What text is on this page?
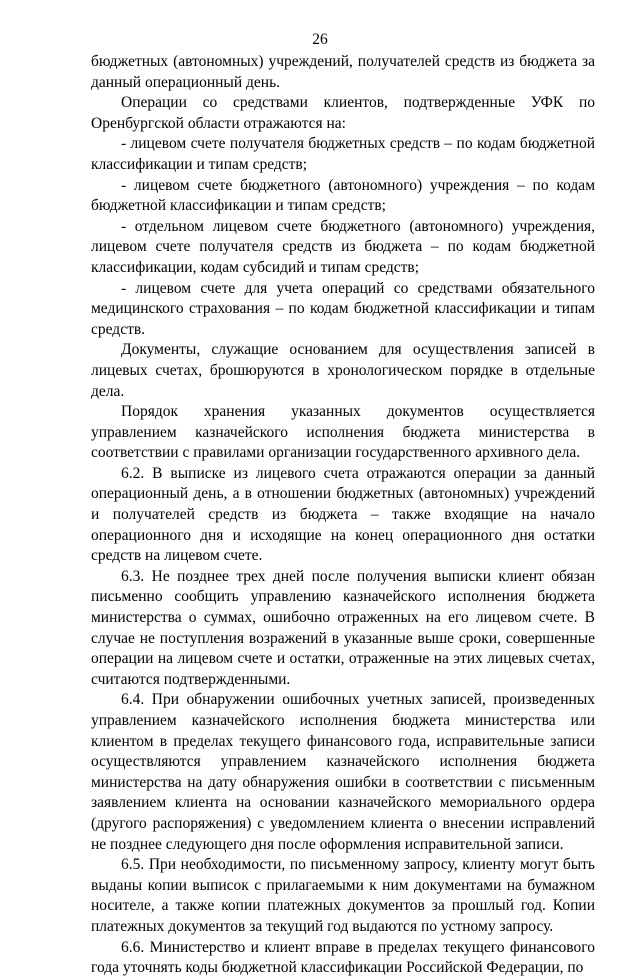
26

бюджетных (автономных) учреждений, получателей средств из бюджета за данный операционный день.

Операции со средствами клиентов, подтвержденные УФК по Оренбургской области отражаются на:

- лицевом счете получателя бюджетных средств – по кодам бюджетной классификации и типам средств;

- лицевом счете бюджетного (автономного) учреждения – по кодам бюджетной классификации и типам средств;

- отдельном лицевом счете бюджетного (автономного) учреждения, лицевом счете получателя средств из бюджета – по кодам бюджетной классификации, кодам субсидий и типам средств;

- лицевом счете для учета операций со средствами обязательного медицинского страхования – по кодам бюджетной классификации и типам средств.

Документы, служащие основанием для осуществления записей в лицевых счетах, брошюруются в хронологическом порядке в отдельные дела.

Порядок хранения указанных документов осуществляется управлением казначейского исполнения бюджета министерства в соответствии с правилами организации государственного архивного дела.

6.2. В выписке из лицевого счета отражаются операции за данный операционный день, а в отношении бюджетных (автономных) учреждений и получателей средств из бюджета – также входящие на начало операционного дня и исходящие на конец операционного дня остатки средств на лицевом счете.

6.3. Не позднее трех дней после получения выписки клиент обязан письменно сообщить управлению казначейского исполнения бюджета министерства о суммах, ошибочно отраженных на его лицевом счете. В случае не поступления возражений в указанные выше сроки, совершенные операции на лицевом счете и остатки, отраженные на этих лицевых счетах, считаются подтвержденными.

6.4. При обнаружении ошибочных учетных записей, произведенных управлением казначейского исполнения бюджета министерства или клиентом в пределах текущего финансового года, исправительные записи осуществляются управлением казначейского исполнения бюджета министерства на дату обнаружения ошибки в соответствии с письменным заявлением клиента на основании казначейского мемориального ордера (другого распоряжения) с уведомлением клиента о внесении исправлений не позднее следующего дня после оформления исправительной записи.

6.5. При необходимости, по письменному запросу, клиенту могут быть выданы копии выписок с прилагаемыми к ним документами на бумажном носителе, а также копии платежных документов за прошлый год. Копии платежных документов за текущий год выдаются по устному запросу.

6.6. Министерство и клиент вправе в пределах текущего финансового года уточнять коды бюджетной классификации Российской Федерации, по
